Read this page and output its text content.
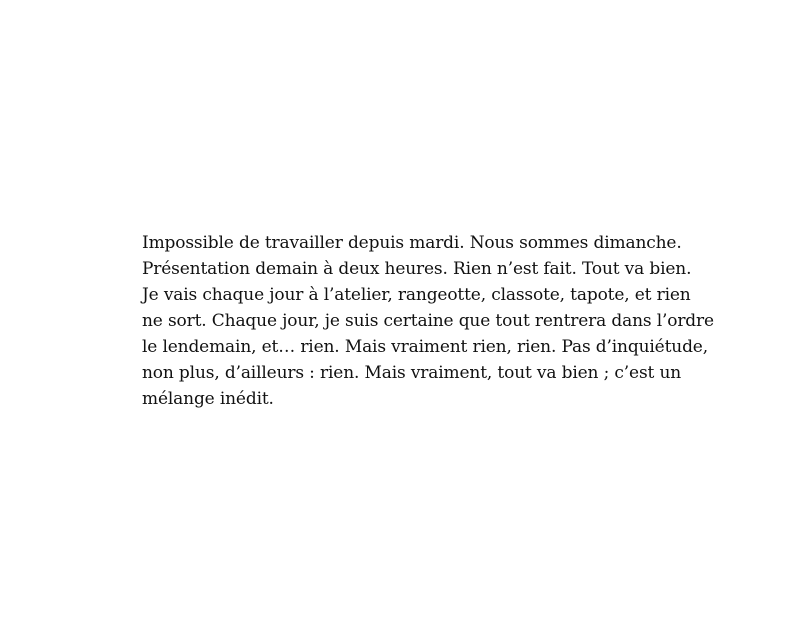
Impossible de travailler depuis mardi. Nous sommes dimanche.
Présentation demain à deux heures. Rien n’est fait. Tout va bien.
Je vais chaque jour à l’atelier, rangeotte, classote, tapote, et rien
ne sort. Chaque jour, je suis certaine que tout rentrera dans l’ordre
le lendemain, et… rien. Mais vraiment rien, rien. Pas d’inquiétude,
non plus, d’ailleurs : rien. Mais vraiment, tout va bien ; c’est un
mélange inédit.
